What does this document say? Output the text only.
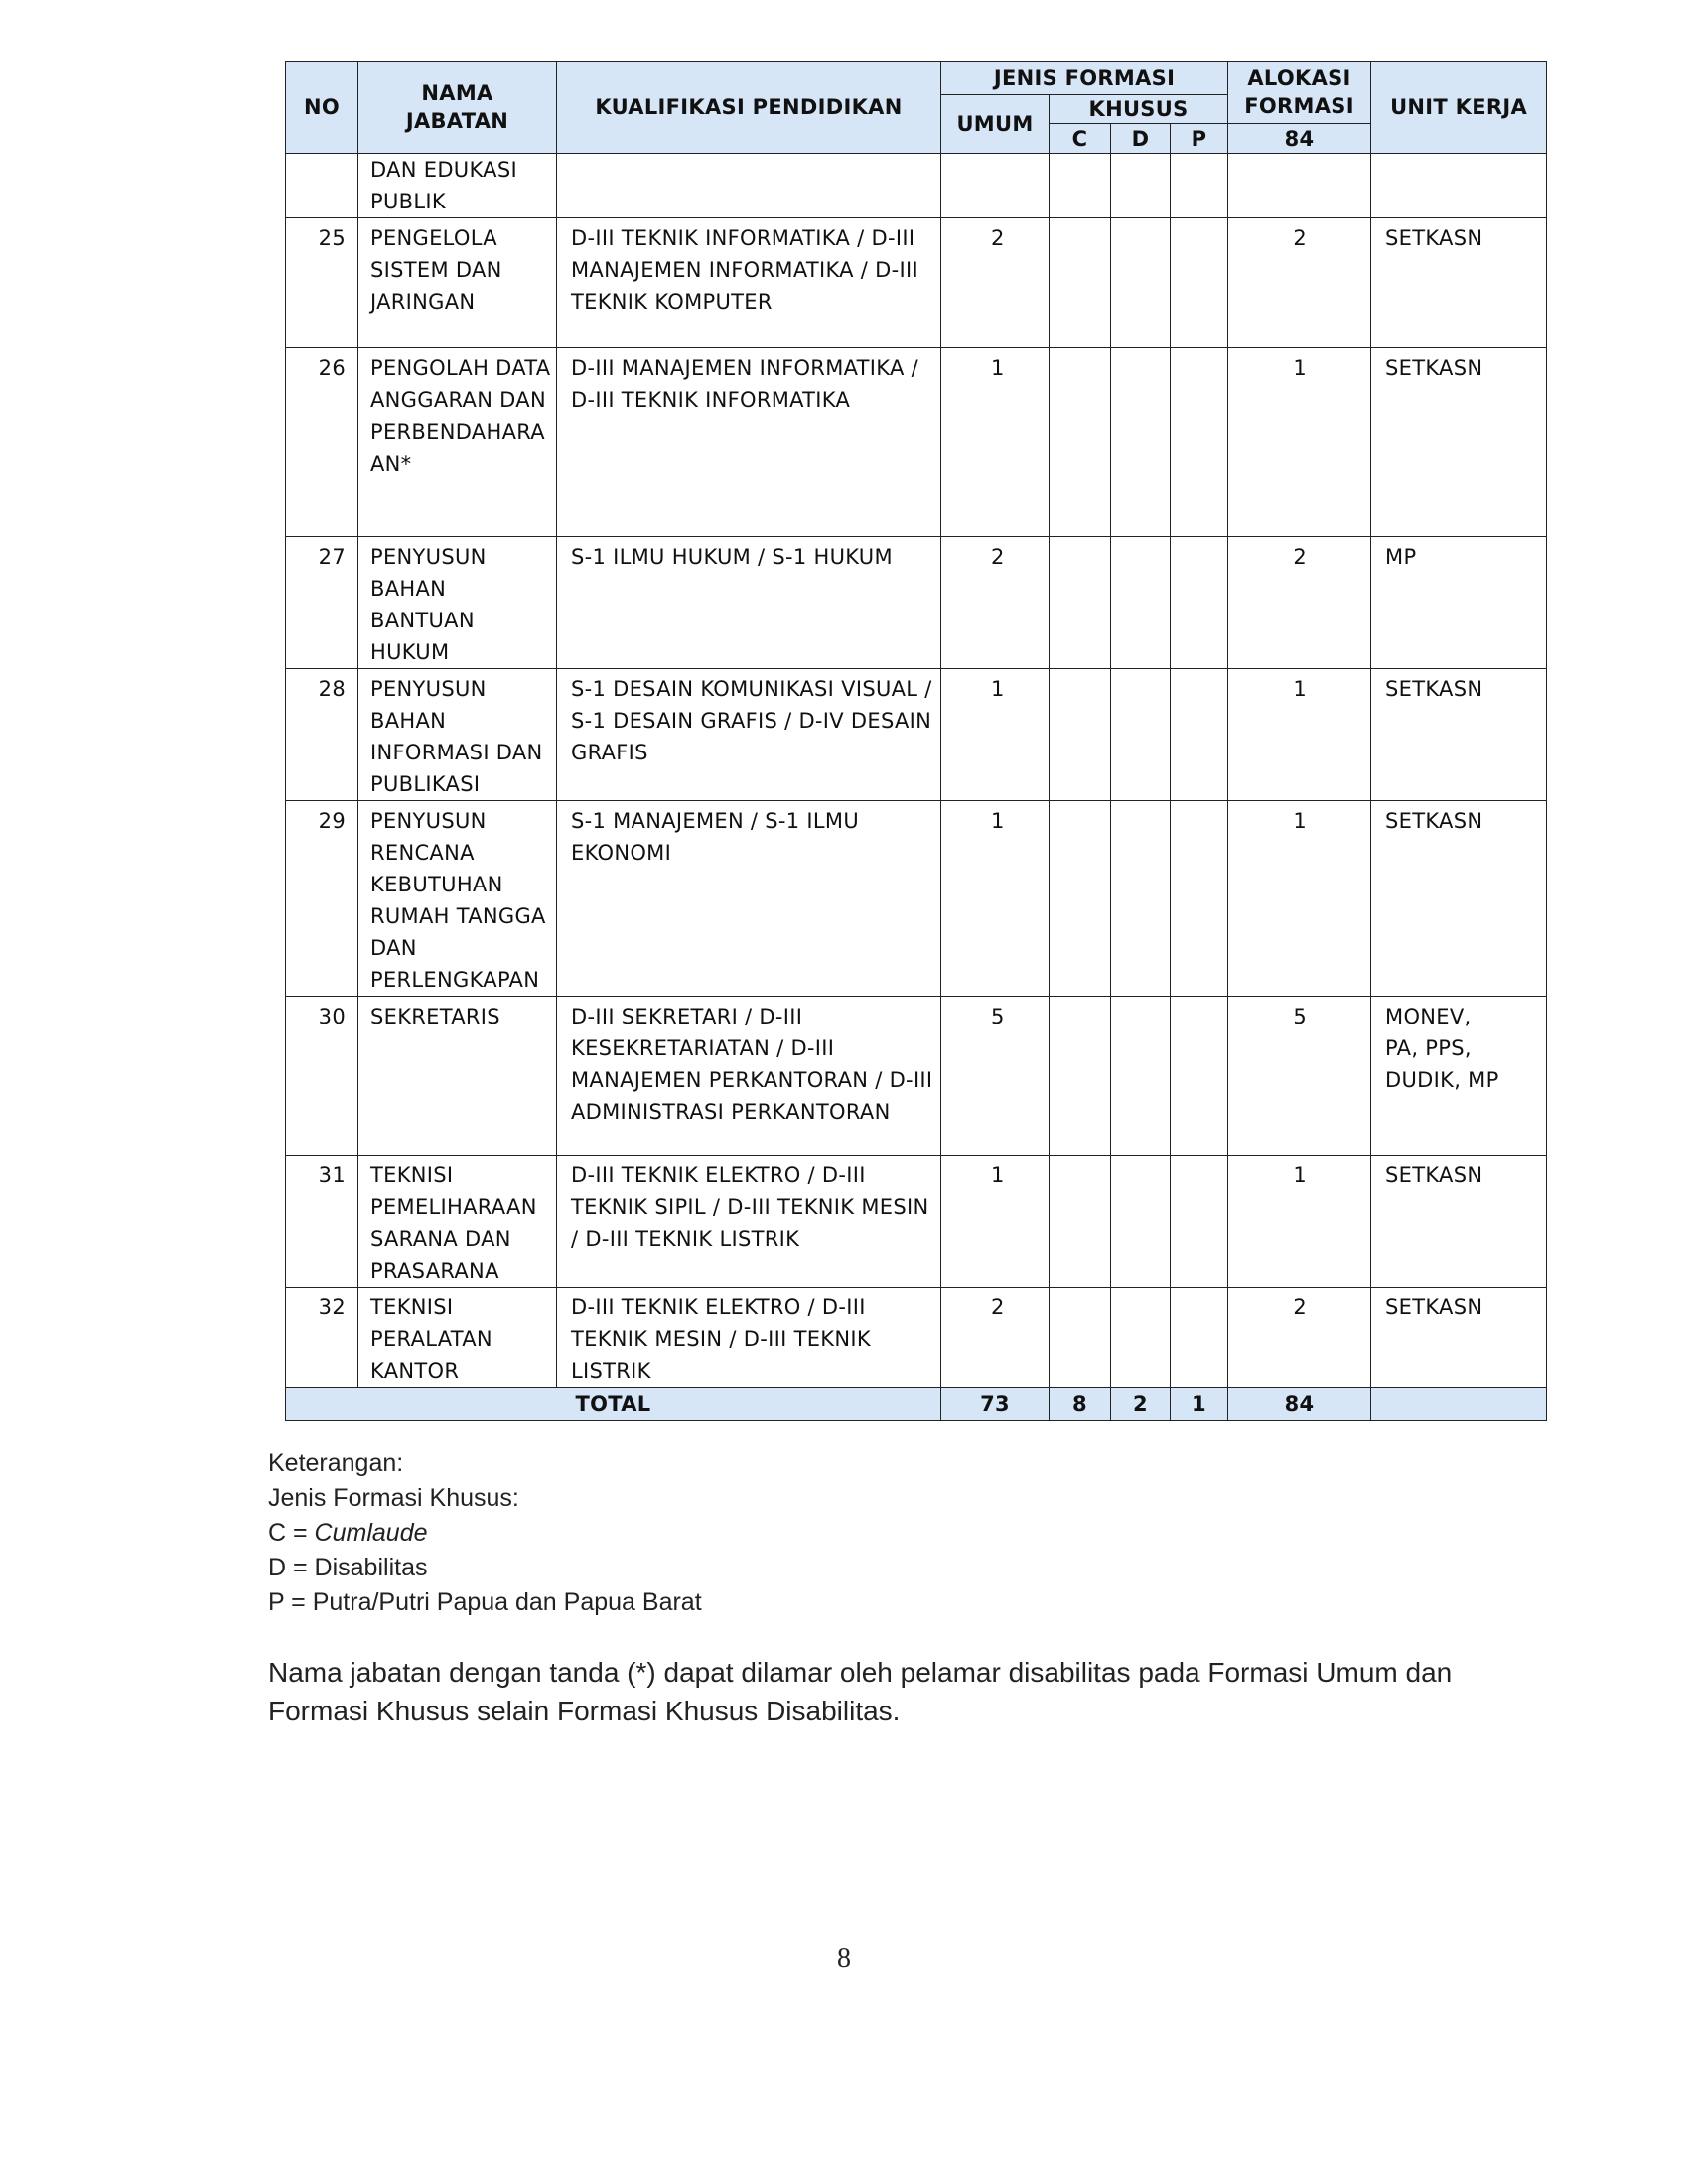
NO	NAMA JABATAN	KUALIFIKASI PENDIDIKAN	JENIS FORMASI				ALOKASI FORMASI	UNIT KERJA
			UMUM	KHUSUS				
				C	D	P	84	
	DAN EDUKASI PUBLIK							
25	PENGELOLA SISTEM DAN JARINGAN	D-III TEKNIK INFORMATIKA / D-III MANAJEMEN INFORMATIKA / D-III TEKNIK KOMPUTER	2				2	SETKASN
26	PENGOLAH DATA ANGGARAN DAN PERBENDAHARAAN*	D-III MANAJEMEN INFORMATIKA / D-III TEKNIK INFORMATIKA	1				1	SETKASN
27	PENYUSUN BAHAN BANTUAN HUKUM	S-1 ILMU HUKUM / S-1 HUKUM	2				2	MP
28	PENYUSUN BAHAN INFORMASI DAN PUBLIKASI	S-1 DESAIN KOMUNIKASI VISUAL / S-1 DESAIN GRAFIS / D-IV DESAIN GRAFIS	1				1	SETKASN
29	PENYUSUN RENCANA KEBUTUHAN RUMAH TANGGA DAN PERLENGKAPAN	S-1 MANAJEMEN / S-1 ILMU EKONOMI	1				1	SETKASN
30	SEKRETARIS	D-III SEKRETARI / D-III KESEKRETARIATAN / D-III MANAJEMEN PERKANTORAN / D-III ADMINISTRASI PERKANTORAN	5				5	MONEV, PA, PPS, DUDIK, MP
31	TEKNISI PEMELIHARAAN SARANA DAN PRASARANA	D-III TEKNIK ELEKTRO / D-III TEKNIK SIPIL / D-III TEKNIK MESIN / D-III TEKNIK LISTRIK	1				1	SETKASN
32	TEKNISI PERALATAN KANTOR	D-III TEKNIK ELEKTRO / D-III TEKNIK MESIN / D-III TEKNIK LISTRIK	2				2	SETKASN
TOTAL			73	8	2	1	84	
Keterangan:
Jenis Formasi Khusus:
C = Cumlaude
D = Disabilitas
P = Putra/Putri Papua dan Papua Barat
Nama jabatan dengan tanda (*) dapat dilamar oleh pelamar disabilitas pada Formasi Umum dan Formasi Khusus selain Formasi Khusus Disabilitas.
8
